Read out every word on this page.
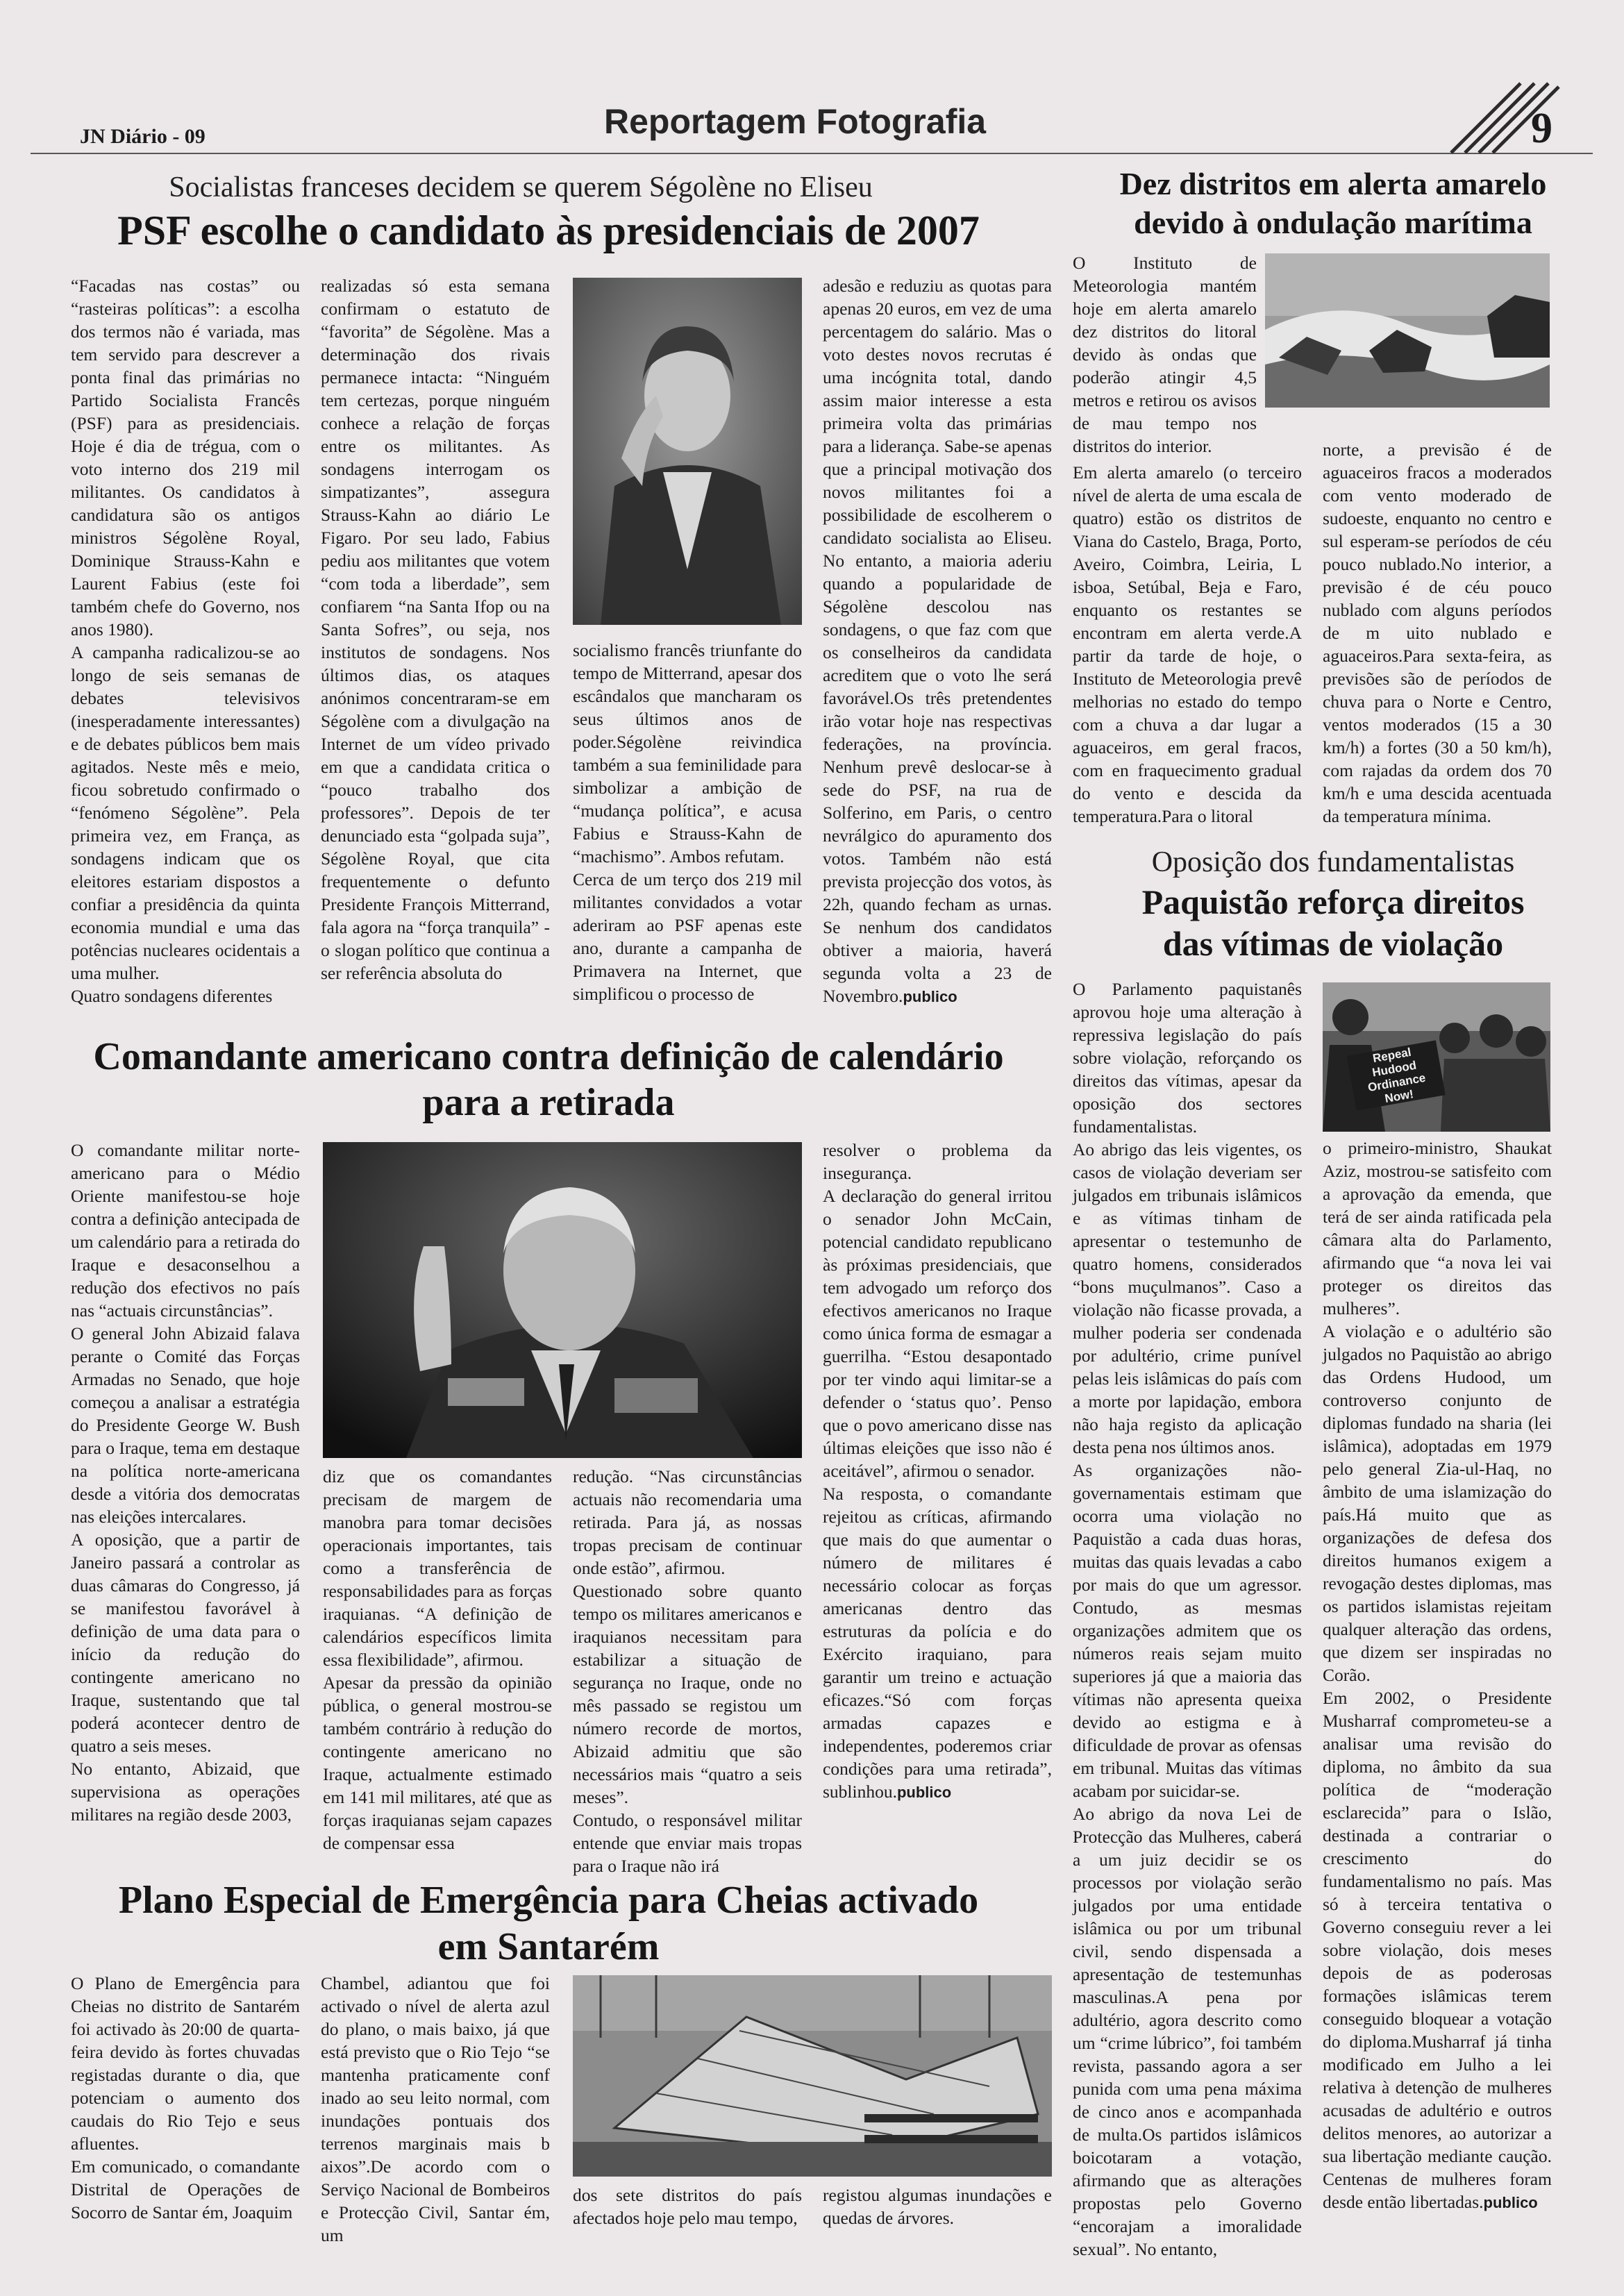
JN Diário - 09	Reportagem Fotografia	9
Socialistas franceses decidem se querem Ségolène no Eliseu
PSF escolhe o candidato às presidenciais de 2007

“Facadas nas costas” ou “rasteiras políticas”: a escolha dos termos não é variada, mas tem servido para descrever a ponta final das primárias no Partido Socialista Francês (PSF) para as presidenciais. Hoje é dia de trégua, com o voto interno dos 219 mil militantes. Os candidatos à candidatura são os antigos ministros Ségolène Royal, Dominique Strauss-Kahn e Laurent Fabius (este foi também chefe do Governo, nos anos 1980).

A campanha radicalizou-se ao longo de seis semanas de debates televisivos (inesperadamente interessantes) e de debates públicos bem mais agitados. Neste mês e meio, ficou sobretudo confirmado o “fenómeno Ségolène”. Pela primeira vez, em França, as sondagens indicam que os eleitores estariam dispostos a confiar a presidência da quinta economia mundial e uma das potências nucleares ocidentais a uma mulher.

Quatro sondagens diferentes

realizadas só esta semana confirmam o estatuto de “favorita” de Ségolène. Mas a determinação dos rivais permanece intacta: “Ninguém tem certezas, porque ninguém conhece a relação de forças entre os militantes. As sondagens interrogam os simpatizantes”, assegura Strauss-Kahn ao diário Le Figaro. Por seu lado, Fabius pediu aos militantes que votem “com toda a liberdade”, sem confiarem “na Santa Ifop ou na Santa Sofres”, ou seja, nos institutos de sondagens. Nos últimos dias, os ataques anónimos concentraram-se em Ségolène com a divulgação na Internet de um vídeo privado em que a candidata critica o “pouco trabalho dos professores”. Depois de ter denunciado esta “golpada suja”, Ségolène Royal, que cita frequentemente o defunto Presidente François Mitterrand, fala agora na “força tranquila” - o slogan político que continua a ser referência absoluta do

socialismo francês triunfante do tempo de Mitterrand, apesar dos escândalos que mancharam os seus últimos anos de poder.Ségolène reivindica também a sua feminilidade para simbolizar a ambição de “mudança política”, e acusa Fabius e Strauss-Kahn de “machismo”. Ambos refutam.

Cerca de um terço dos 219 mil militantes convidados a votar aderiram ao PSF apenas este ano, durante a campanha de Primavera na Internet, que simplificou o processo de

adesão e reduziu as quotas para apenas 20 euros, em vez de uma percentagem do salário. Mas o voto destes novos recrutas é uma incógnita total, dando assim maior interesse a esta primeira volta das primárias para a liderança. Sabe-se apenas que a principal motivação dos novos militantes foi a possibilidade de escolherem o candidato socialista ao Eliseu. No entanto, a maioria aderiu quando a popularidade de Ségolène descolou nas sondagens, o que faz com que os conselheiros da candidata acreditem que o voto lhe será favorável.Os três pretendentes irão votar hoje nas respectivas federações, na província. Nenhum prevê deslocar-se à sede do PSF, na rua de Solferino, em Paris, o centro nevrálgico do apuramento dos votos. Também não está prevista projecção dos votos, às 22h, quando fecham as urnas. Se nenhum dos candidatos obtiver a maioria, haverá segunda volta a 23 de Novembro.publico

Comandante americano contra definição de calendário
para a retirada

O comandante militar norte-americano para o Médio Oriente manifestou-se hoje contra a definição antecipada de um calendário para a retirada do Iraque e desaconselhou a redução dos efectivos no país nas “actuais circunstâncias”.

O general John Abizaid falava perante o Comité das Forças Armadas no Senado, que hoje começou a analisar a estratégia do Presidente George W. Bush para o Iraque, tema em destaque na política norte-americana desde a vitória dos democratas nas eleições intercalares.

A oposição, que a partir de Janeiro passará a controlar as duas câmaras do Congresso, já se manifestou favorável à definição de uma data para o início da redução do contingente americano no Iraque, sustentando que tal poderá acontecer dentro de quatro a seis meses.

No entanto, Abizaid, que supervisiona as operações militares na região desde 2003,

diz que os comandantes precisam de margem de manobra para tomar decisões operacionais importantes, tais como a transferência de responsabilidades para as forças iraquianas. “A definição de calendários específicos limita essa flexibilidade”, afirmou.

Apesar da pressão da opinião pública, o general mostrou-se também contrário à redução do contingente americano no Iraque, actualmente estimado em 141 mil militares, até que as forças iraquianas sejam capazes de compensar essa

redução. “Nas circunstâncias actuais não recomendaria uma retirada. Para já, as nossas tropas precisam de continuar onde estão”, afirmou.

Questionado sobre quanto tempo os militares americanos e iraquianos necessitam para estabilizar a situação de segurança no Iraque, onde no mês passado se registou um número recorde de mortos, Abizaid admitiu que são necessários mais “quatro a seis meses”.

Contudo, o responsável militar entende que enviar mais tropas para o Iraque não irá

resolver o problema da insegurança.

A declaração do general irritou o senador John McCain, potencial candidato republicano às próximas presidenciais, que tem advogado um reforço dos efectivos americanos no Iraque como única forma de esmagar a guerrilha. “Estou desapontado por ter vindo aqui limitar-se a defender o ‘status quo’. Penso que o povo americano disse nas últimas eleições que isso não é aceitável”, afirmou o senador.

Na resposta, o comandante rejeitou as críticas, afirmando que mais do que aumentar o número de militares é necessário colocar as forças americanas dentro das estruturas da polícia e do Exército iraquiano, para garantir um treino e actuação eficazes.“Só com forças armadas capazes e independentes, poderemos criar condições para uma retirada”, sublinhou.publico

Plano Especial de Emergência para Cheias activado
em Santarém

O Plano de Emergência para Cheias no distrito de Santarém foi activado às 20:00 de quarta-feira devido às fortes chuvadas registadas durante o dia, que potenciam o aumento dos caudais do Rio Tejo e seus afluentes.

Em comunicado, o comandante Distrital de Operações de Socorro de Santar ém, Joaquim

Chambel, adiantou que foi activado o nível de alerta azul do plano, o mais baixo, já que está previsto que o Rio Tejo “se mantenha praticamente conf inado ao seu leito normal, com inundações pontuais dos terrenos marginais mais b aixos”.De acordo com o Serviço Nacional de Bombeiros e Protecção Civil, Santar ém, um

dos sete distritos do país afectados hoje pelo mau tempo,

registou algumas inundações e quedas de árvores.

Dez distritos em alerta amarelo
devido à ondulação marítima

O Instituto de Meteorologia mantém hoje em alerta amarelo dez distritos do litoral devido às ondas que poderão atingir 4,5 metros e retirou os avisos de mau tempo nos distritos do interior.

Em alerta amarelo (o terceiro nível de alerta de uma escala de quatro) estão os distritos de Viana do Castelo, Braga, Porto, Aveiro, Coimbra, Leiria, L isboa, Setúbal, Beja e Faro, enquanto os restantes se encontram em alerta verde.A partir da tarde de hoje, o Instituto de Meteorologia prevê melhorias no estado do tempo com a chuva a dar lugar a aguaceiros, em geral fracos, com en fraquecimento gradual do vento e descida da temperatura.Para o litoral

norte, a previsão é de aguaceiros fracos a moderados com vento moderado de sudoeste, enquanto no centro e sul esperam-se períodos de céu pouco nublado.No interior, a previsão é de céu pouco nublado com alguns períodos de m uito nublado e aguaceiros.Para sexta-feira, as previsões são de períodos de chuva para o Norte e Centro, ventos moderados (15 a 30 km/h) a fortes (30 a 50 km/h), com rajadas da ordem dos 70 km/h e uma descida acentuada da temperatura mínima.

Oposição dos fundamentalistas
Paquistão reforça direitos
das vítimas de violação

O Parlamento paquistanês aprovou hoje uma alteração à repressiva legislação do país sobre violação, reforçando os direitos das vítimas, apesar da oposição dos sectores fundamentalistas.

Ao abrigo das leis vigentes, os casos de violação deveriam ser julgados em tribunais islâmicos e as vítimas tinham de apresentar o testemunho de quatro homens, considerados “bons muçulmanos”. Caso a violação não ficasse provada, a mulher poderia ser condenada por adultério, crime punível pelas leis islâmicas do país com a morte por lapidação, embora não haja registo da aplicação desta pena nos últimos anos.

As organizações não-governamentais estimam que ocorra uma violação no Paquistão a cada duas horas, muitas das quais levadas a cabo por mais do que um agressor. Contudo, as mesmas organizações admitem que os números reais sejam muito superiores já que a maioria das vítimas não apresenta queixa devido ao estigma e à dificuldade de provar as ofensas em tribunal. Muitas das vítimas acabam por suicidar-se.

Ao abrigo da nova Lei de Protecção das Mulheres, caberá a um juiz decidir se os processos por violação serão julgados por uma entidade islâmica ou por um tribunal civil, sendo dispensada a apresentação de testemunhas masculinas.A pena por adultério, agora descrito como um “crime lúbrico”, foi também revista, passando agora a ser punida com uma pena máxima de cinco anos e acompanhada de multa.Os partidos islâmicos boicotaram a votação, afirmando que as alterações propostas pelo Governo “encorajam a imoralidade sexual”. No entanto,

Repeal Hudood Ordinance Now!

o primeiro-ministro, Shaukat Aziz, mostrou-se satisfeito com a aprovação da emenda, que terá de ser ainda ratificada pela câmara alta do Parlamento, afirmando que “a nova lei vai proteger os direitos das mulheres”.

A violação e o adultério são julgados no Paquistão ao abrigo das Ordens Hudood, um controverso conjunto de diplomas fundado na sharia (lei islâmica), adoptadas em 1979 pelo general Zia-ul-Haq, no âmbito de uma islamização do país.Há muito que as organizações de defesa dos direitos humanos exigem a revogação destes diplomas, mas os partidos islamistas rejeitam qualquer alteração das ordens, que dizem ser inspiradas no Corão.

Em 2002, o Presidente Musharraf comprometeu-se a analisar uma revisão do diploma, no âmbito da sua política de “moderação esclarecida” para o Islão, destinada a contrariar o crescimento do fundamentalismo no país. Mas só à terceira tentativa o Governo conseguiu rever a lei sobre violação, dois meses depois de as poderosas formações islâmicas terem conseguido bloquear a votação do diploma.Musharraf já tinha modificado em Julho a lei relativa à detenção de mulheres acusadas de adultério e outros delitos menores, ao autorizar a sua libertação mediante caução. Centenas de mulheres foram desde então libertadas.publico
